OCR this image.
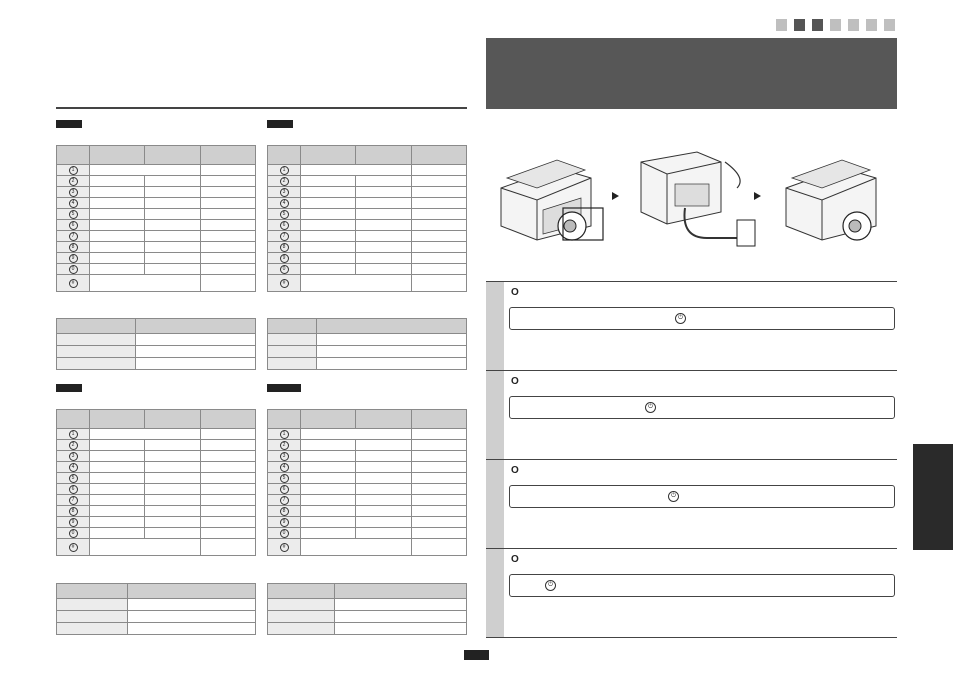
1			
2			
3			
4			
5			
6			
7			
8			
9			
0			
#			

1			
2			
3			
4			
5			
6			
7			
8			
9			
0			
#			

1			
2			
3			
4			
5			
6			
7			
8			
9			
0			
#			

1			
2			
3			
4			
5			
6			
7			
8			
9			
0			
#			

O
⏻
O
⏻
O
⏻
O
⏻
